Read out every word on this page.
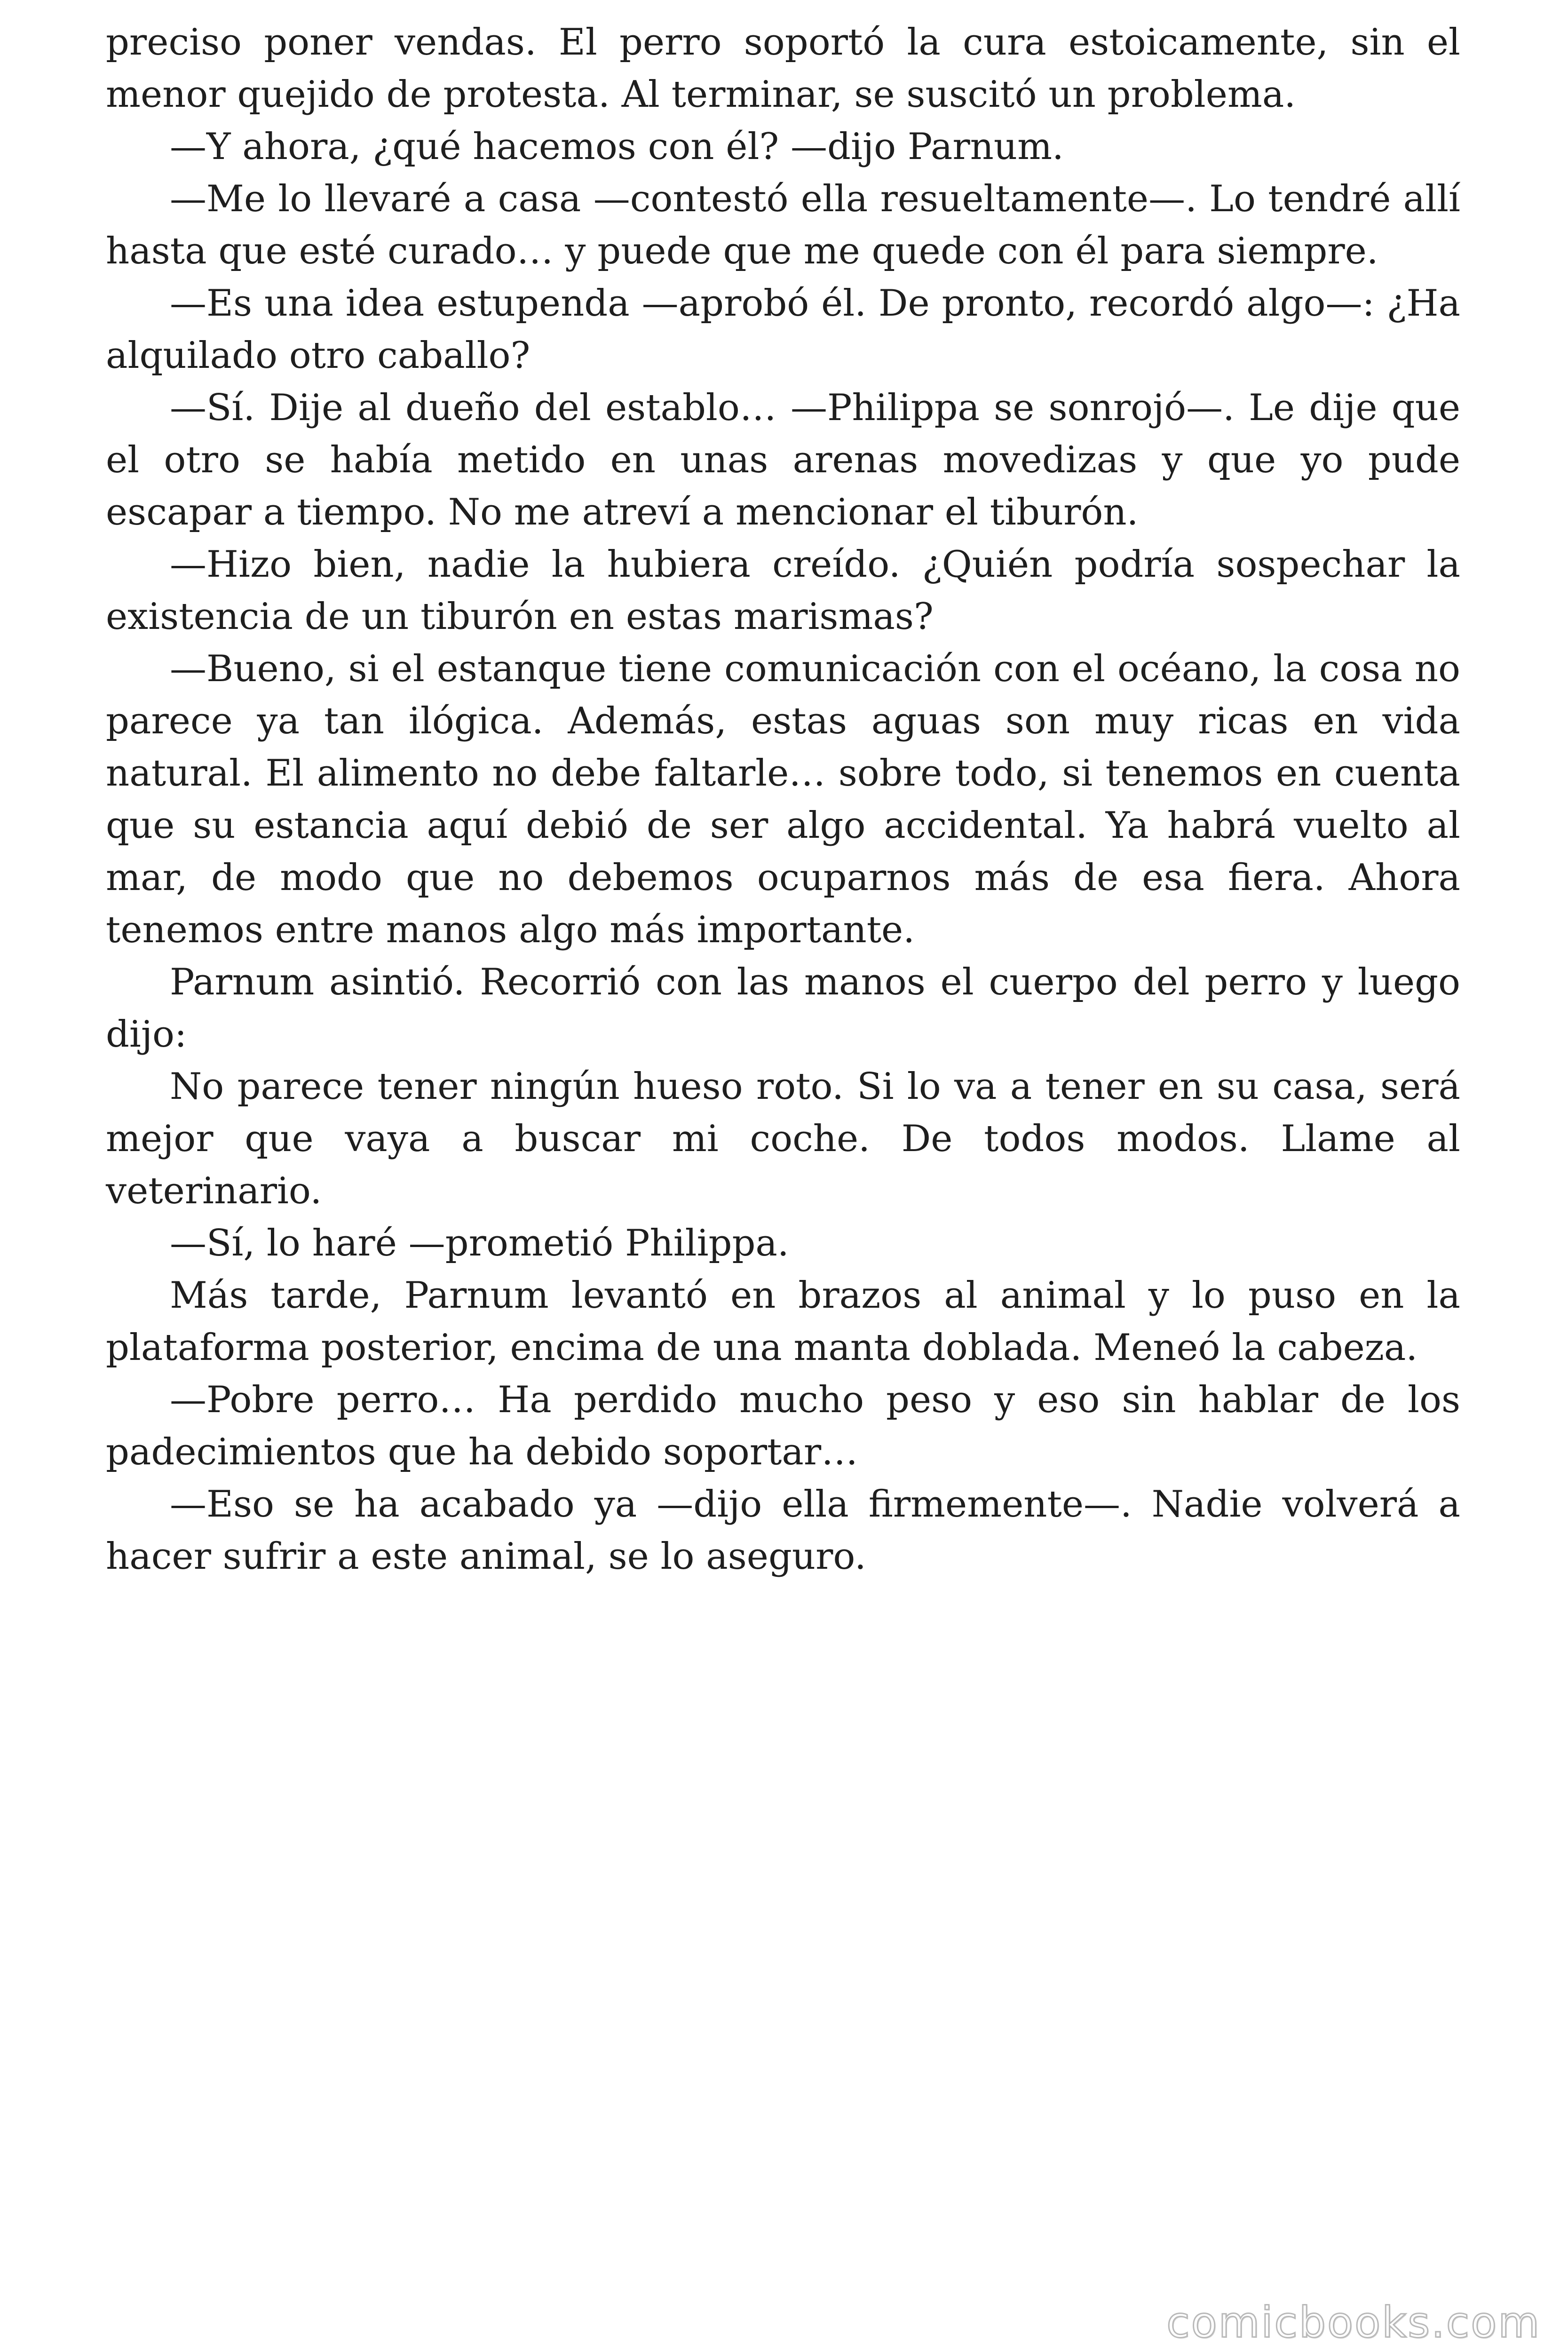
preciso poner vendas. El perro soportó la cura estoicamente, sin el menor quejido de protesta. Al terminar, se suscitó un problema.

—Y ahora, ¿qué hacemos con él? —dijo Parnum.

—Me lo llevaré a casa —contestó ella resueltamente—. Lo tendré allí hasta que esté curado… y puede que me quede con él para siempre.

—Es una idea estupenda —aprobó él. De pronto, recordó algo—: ¿Ha alquilado otro caballo?

—Sí. Dije al dueño del establo… —Philippa se sonrojó—. Le dije que el otro se había metido en unas arenas movedizas y que yo pude escapar a tiempo. No me atreví a mencionar el tiburón.

—Hizo bien, nadie la hubiera creído. ¿Quién podría sospechar la existencia de un tiburón en estas marismas?

—Bueno, si el estanque tiene comunicación con el océano, la cosa no parece ya tan ilógica. Además, estas aguas son muy ricas en vida natural. El alimento no debe faltarle… sobre todo, si tenemos en cuenta que su estancia aquí debió de ser algo accidental. Ya habrá vuelto al mar, de modo que no debemos ocuparnos más de esa fiera. Ahora tenemos entre manos algo más importante.

Parnum asintió. Recorrió con las manos el cuerpo del perro y luego dijo:

No parece tener ningún hueso roto. Si lo va a tener en su casa, será mejor que vaya a buscar mi coche. De todos modos. Llame al veterinario.

—Sí, lo haré —prometió Philippa.

Más tarde, Parnum levantó en brazos al animal y lo puso en la plataforma posterior, encima de una manta doblada. Meneó la cabeza.

—Pobre perro… Ha perdido mucho peso y eso sin hablar de los padecimientos que ha debido soportar…

—Eso se ha acabado ya —dijo ella firmemente—. Nadie volverá a hacer sufrir a este animal, se lo aseguro.

comicbooks.com
